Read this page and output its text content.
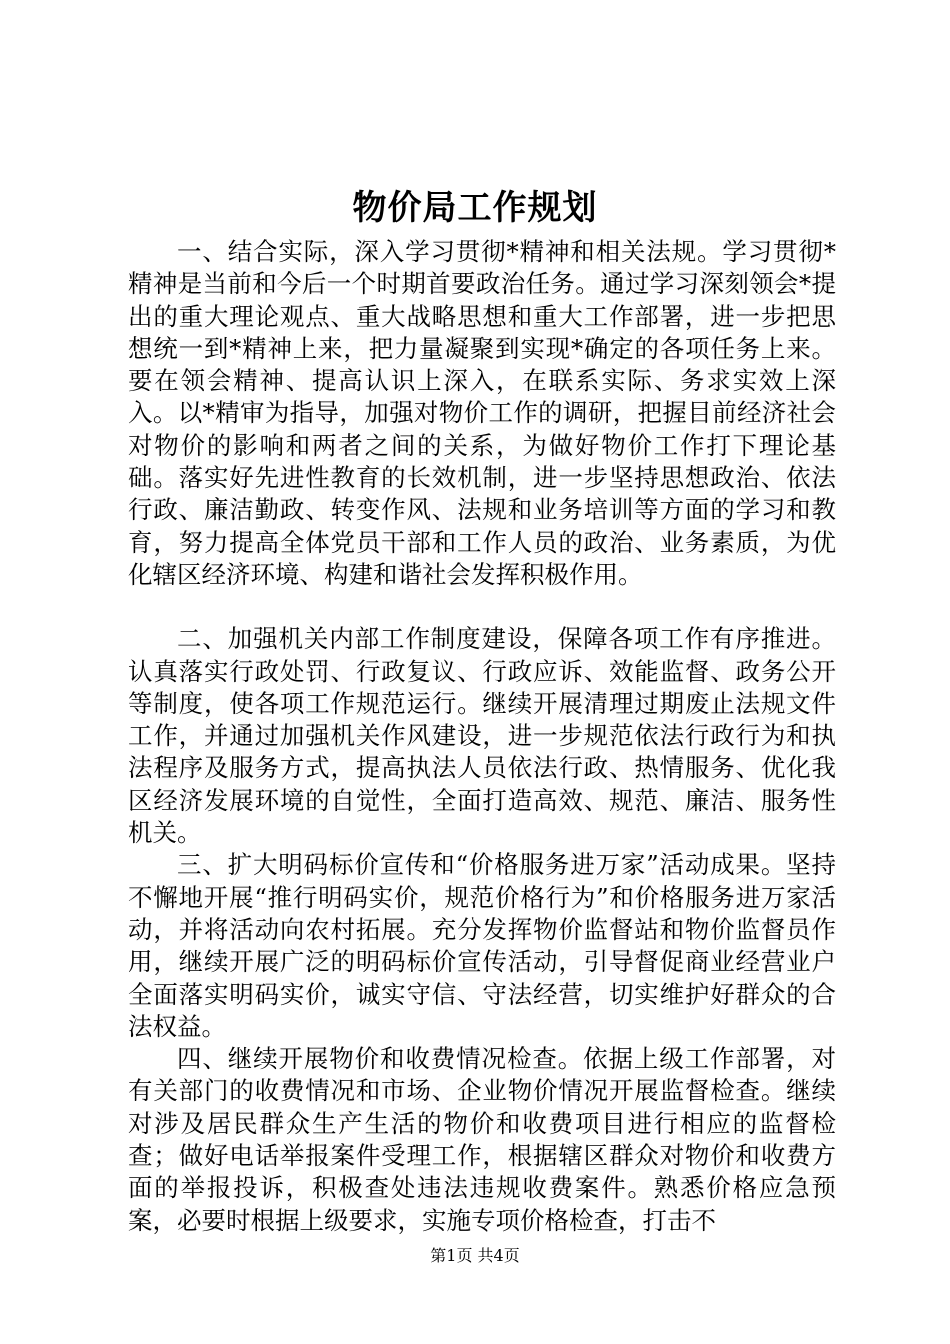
物价局工作规划

一、结合实际，深入学习贯彻*精神和相关法规。学习贯彻*精神是当前和今后一个时期首要政治任务。通过学习深刻领会*提出的重大理论观点、重大战略思想和重大工作部署，进一步把思想统一到*精神上来，把力量凝聚到实现*确定的各项任务上来。要在领会精神、提高认识上深入，在联系实际、务求实效上深入。以*精审为指导，加强对物价工作的调研，把握目前经济社会对物价的影响和两者之间的关系，为做好物价工作打下理论基础。落实好先进性教育的长效机制，进一步坚持思想政治、依法行政、廉洁勤政、转变作风、法规和业务培训等方面的学习和教育，努力提高全体党员干部和工作人员的政治、业务素质，为优化辖区经济环境、构建和谐社会发挥积极作用。

二、加强机关内部工作制度建设，保障各项工作有序推进。认真落实行政处罚、行政复议、行政应诉、效能监督、政务公开等制度，使各项工作规范运行。继续开展清理过期废止法规文件工作，并通过加强机关作风建设，进一步规范依法行政行为和执法程序及服务方式，提高执法人员依法行政、热情服务、优化我区经济发展环境的自觉性，全面打造高效、规范、廉洁、服务性机关。

三、扩大明码标价宣传和“价格服务进万家”活动成果。坚持不懈地开展“推行明码实价，规范价格行为”和价格服务进万家活动，并将活动向农村拓展。充分发挥物价监督站和物价监督员作用，继续开展广泛的明码标价宣传活动，引导督促商业经营业户全面落实明码实价，诚实守信、守法经营，切实维护好群众的合法权益。

四、继续开展物价和收费情况检查。依据上级工作部署，对有关部门的收费情况和市场、企业物价情况开展监督检查。继续对涉及居民群众生产生活的物价和收费项目进行相应的监督检查；做好电话举报案件受理工作，根据辖区群众对物价和收费方面的举报投诉，积极查处违法违规收费案件。熟悉价格应急预案，必要时根据上级要求，实施专项价格检查，打击不

第1页 共4页
